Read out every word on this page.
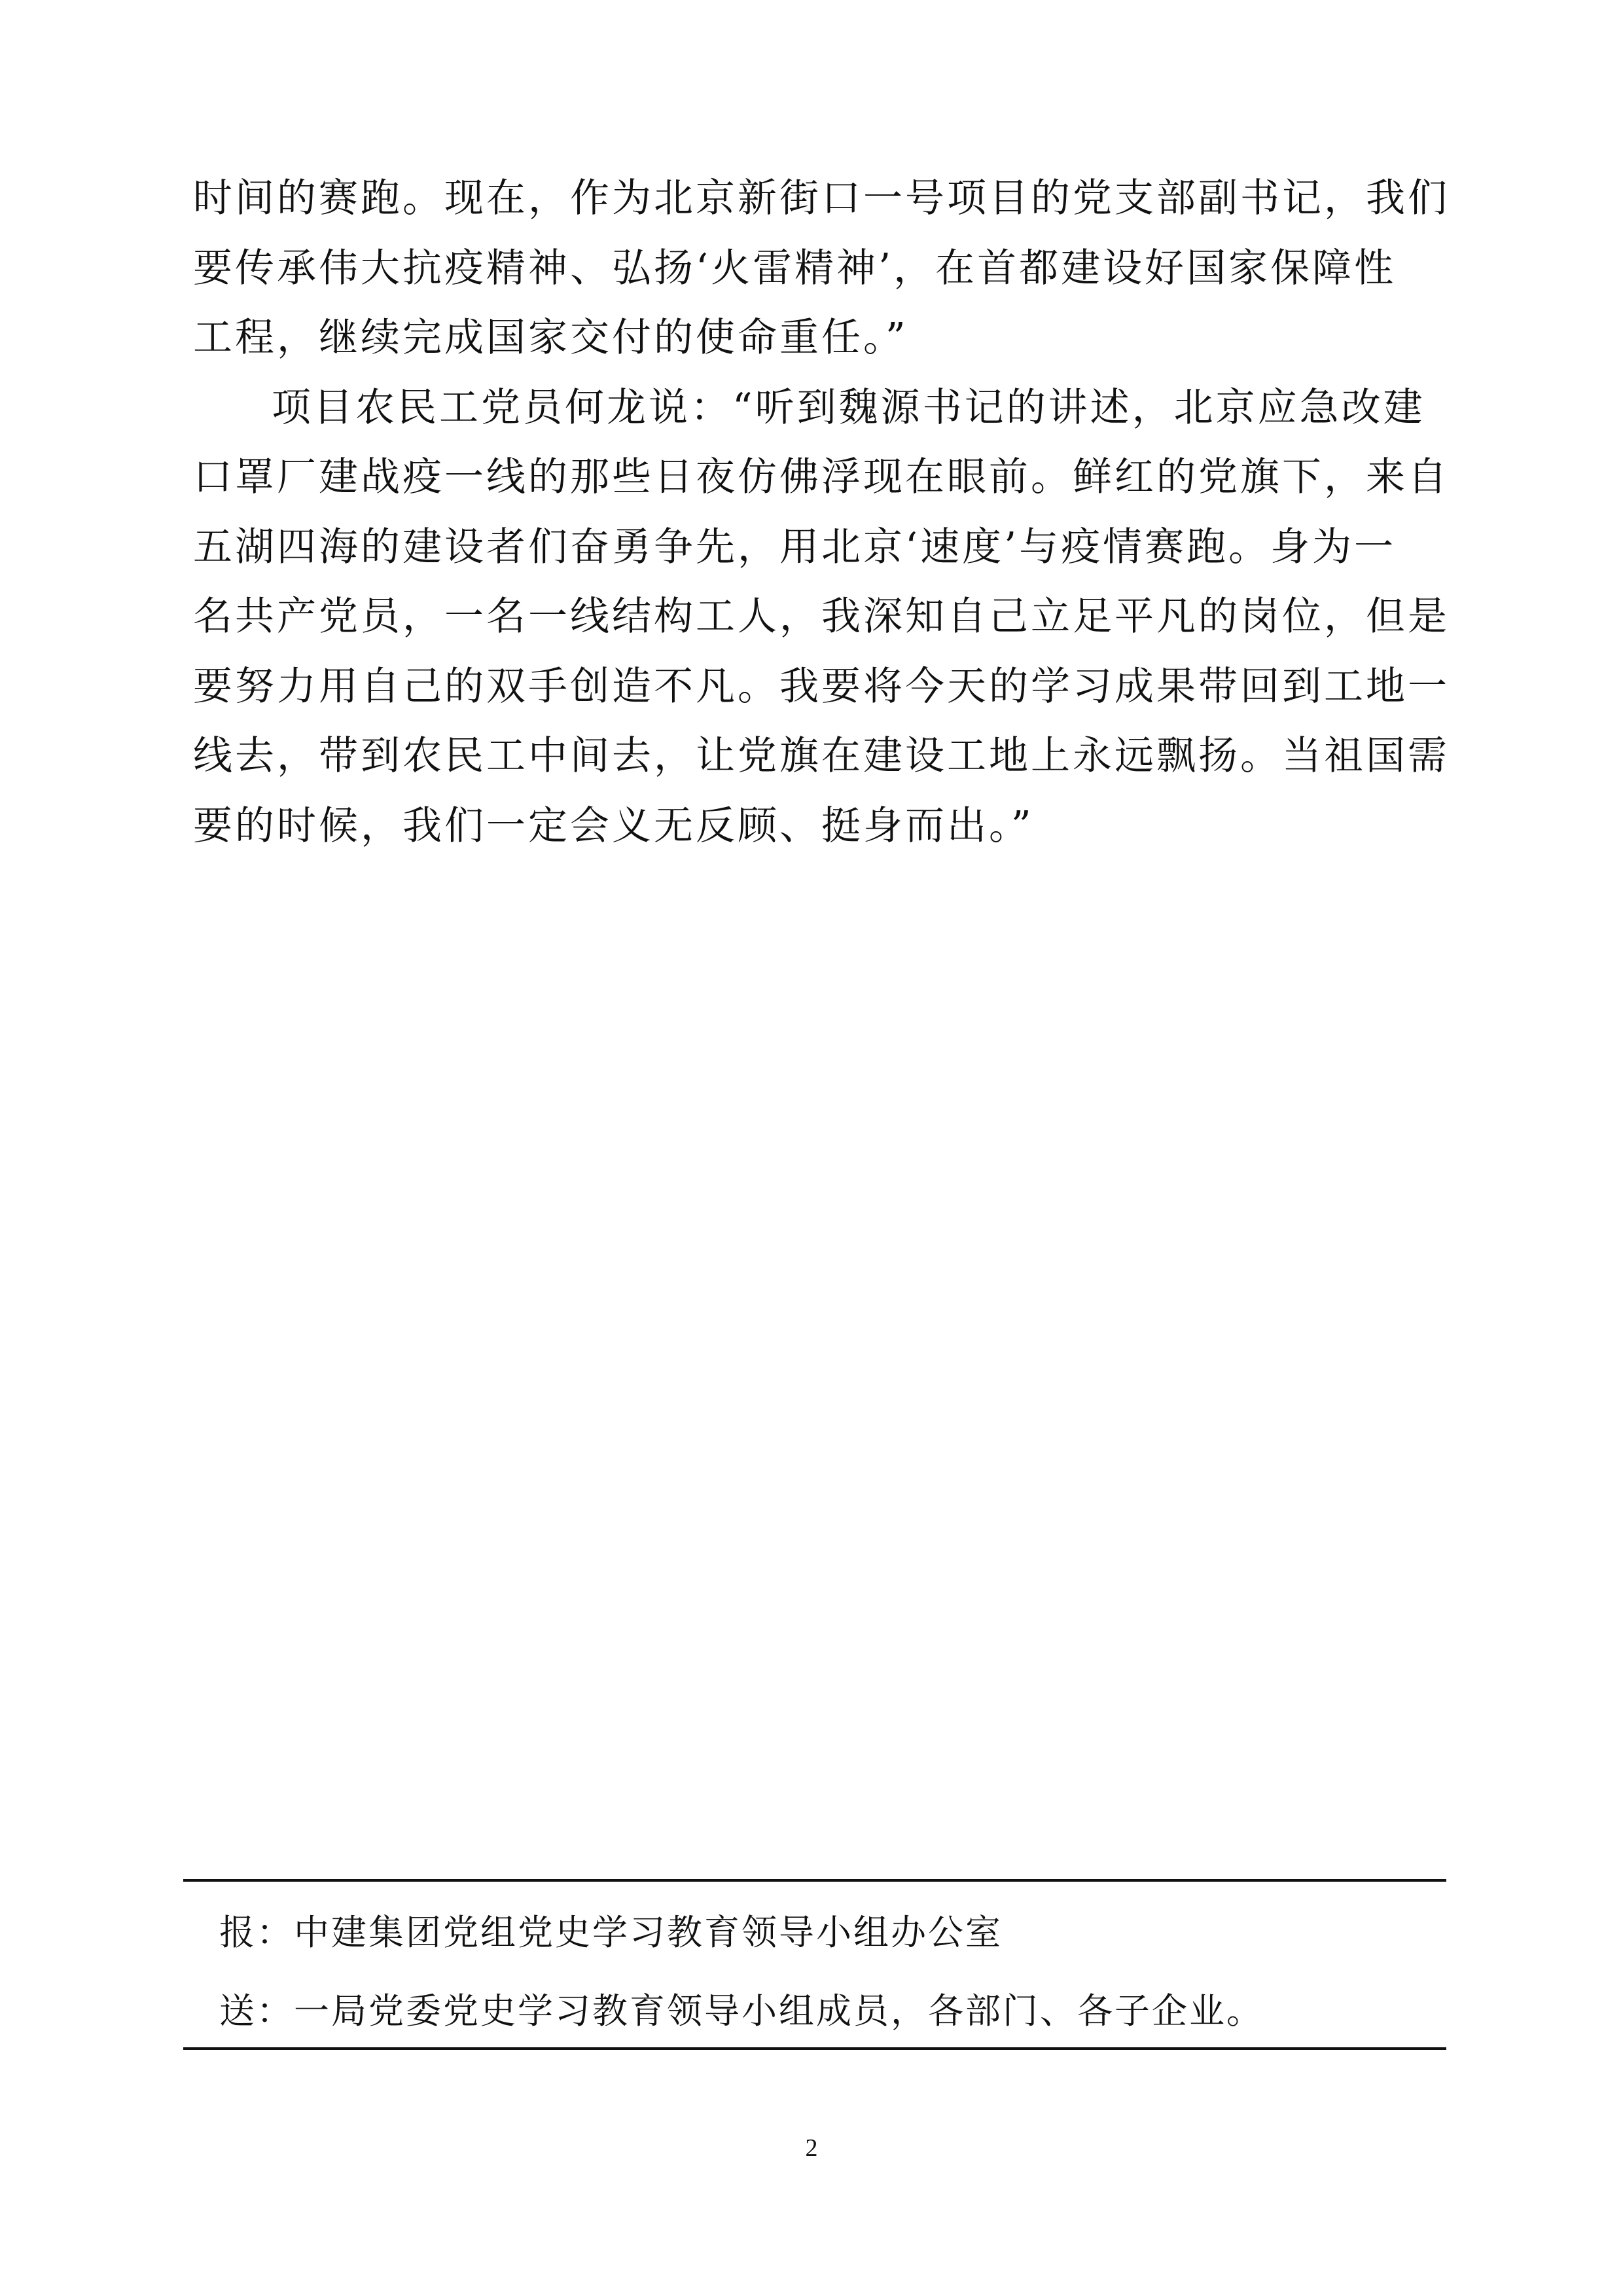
时间的赛跑。现在，作为北京新街口一号项目的党支部副书记，我们
要传承伟大抗疫精神、弘扬‘火雷精神’，在首都建设好国家保障性
工程，继续完成国家交付的使命重任。”
项目农民工党员何龙说：“听到魏源书记的讲述，北京应急改建
口罩厂建战疫一线的那些日夜仿佛浮现在眼前。鲜红的党旗下，来自
五湖四海的建设者们奋勇争先，用北京‘速度’与疫情赛跑。身为一
名共产党员，一名一线结构工人，我深知自己立足平凡的岗位，但是
要努力用自己的双手创造不凡。我要将今天的学习成果带回到工地一
线去，带到农民工中间去，让党旗在建设工地上永远飘扬。当祖国需
要的时候，我们一定会义无反顾、挺身而出。”
报：中建集团党组党史学习教育领导小组办公室
送：一局党委党史学习教育领导小组成员，各部门、各子企业。
2
